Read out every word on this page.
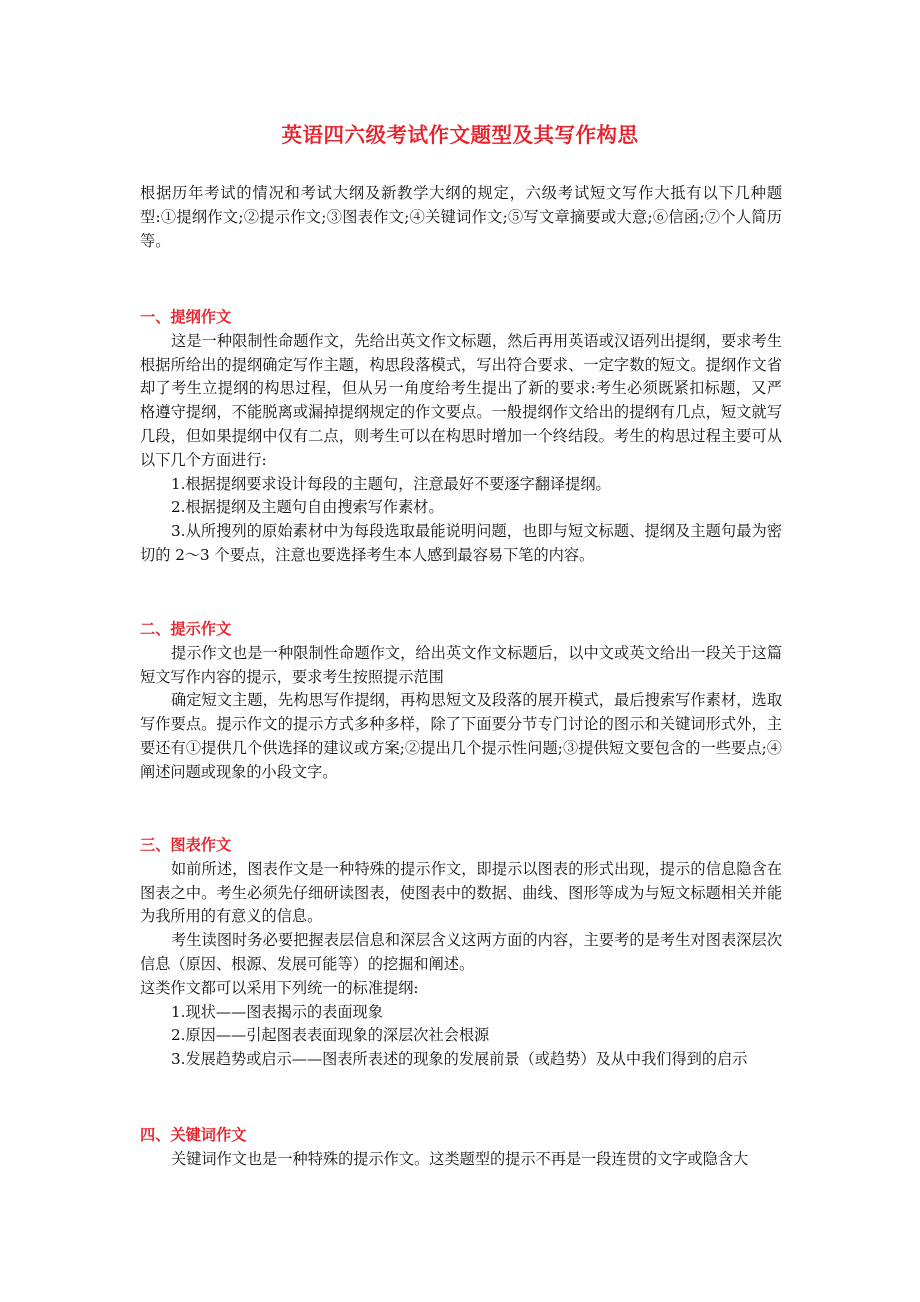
英语四六级考试作文题型及其写作构思

根据历年考试的情况和考试大纲及新教学大纲的规定，六级考试短文写作大抵有以下几种题型:①提纲作文;②提示作文;③图表作文;④关键词作文;⑤写文章摘要或大意;⑥信函;⑦个人简历等。

一、提纲作文

这是一种限制性命题作文，先给出英文作文标题，然后再用英语或汉语列出提纲，要求考生根据所给出的提纲确定写作主题，构思段落模式，写出符合要求、一定字数的短文。提纲作文省却了考生立提纲的构思过程，但从另一角度给考生提出了新的要求:考生必须既紧扣标题，又严格遵守提纲，不能脱离或漏掉提纲规定的作文要点。一般提纲作文给出的提纲有几点，短文就写几段，但如果提纲中仅有二点，则考生可以在构思时增加一个终结段。考生的构思过程主要可从以下几个方面进行:

1.根据提纲要求设计每段的主题句，注意最好不要逐字翻译提纲。

2.根据提纲及主题句自由搜索写作素材。

3.从所搜列的原始素材中为每段选取最能说明问题，也即与短文标题、提纲及主题句最为密切的 2～3 个要点，注意也要选择考生本人感到最容易下笔的内容。

二、提示作文

提示作文也是一种限制性命题作文，给出英文作文标题后，以中文或英文给出一段关于这篇短文写作内容的提示，要求考生按照提示范围

确定短文主题，先构思写作提纲，再构思短文及段落的展开模式，最后搜索写作素材，选取写作要点。提示作文的提示方式多种多样，除了下面要分节专门讨论的图示和关键词形式外，主要还有①提供几个供选择的建议或方案;②提出几个提示性问题;③提供短文要包含的一些要点;④阐述问题或现象的小段文字。

三、图表作文

如前所述，图表作文是一种特殊的提示作文，即提示以图表的形式出现，提示的信息隐含在图表之中。考生必须先仔细研读图表，使图表中的数据、曲线、图形等成为与短文标题相关并能为我所用的有意义的信息。

考生读图时务必要把握表层信息和深层含义这两方面的内容，主要考的是考生对图表深层次信息（原因、根源、发展可能等）的挖掘和阐述。

这类作文都可以采用下列统一的标准提纲:

1.现状——图表揭示的表面现象

2.原因——引起图表表面现象的深层次社会根源

3.发展趋势或启示——图表所表述的现象的发展前景（或趋势）及从中我们得到的启示

四、关键词作文

关键词作文也是一种特殊的提示作文。这类题型的提示不再是一段连贯的文字或隐含大
